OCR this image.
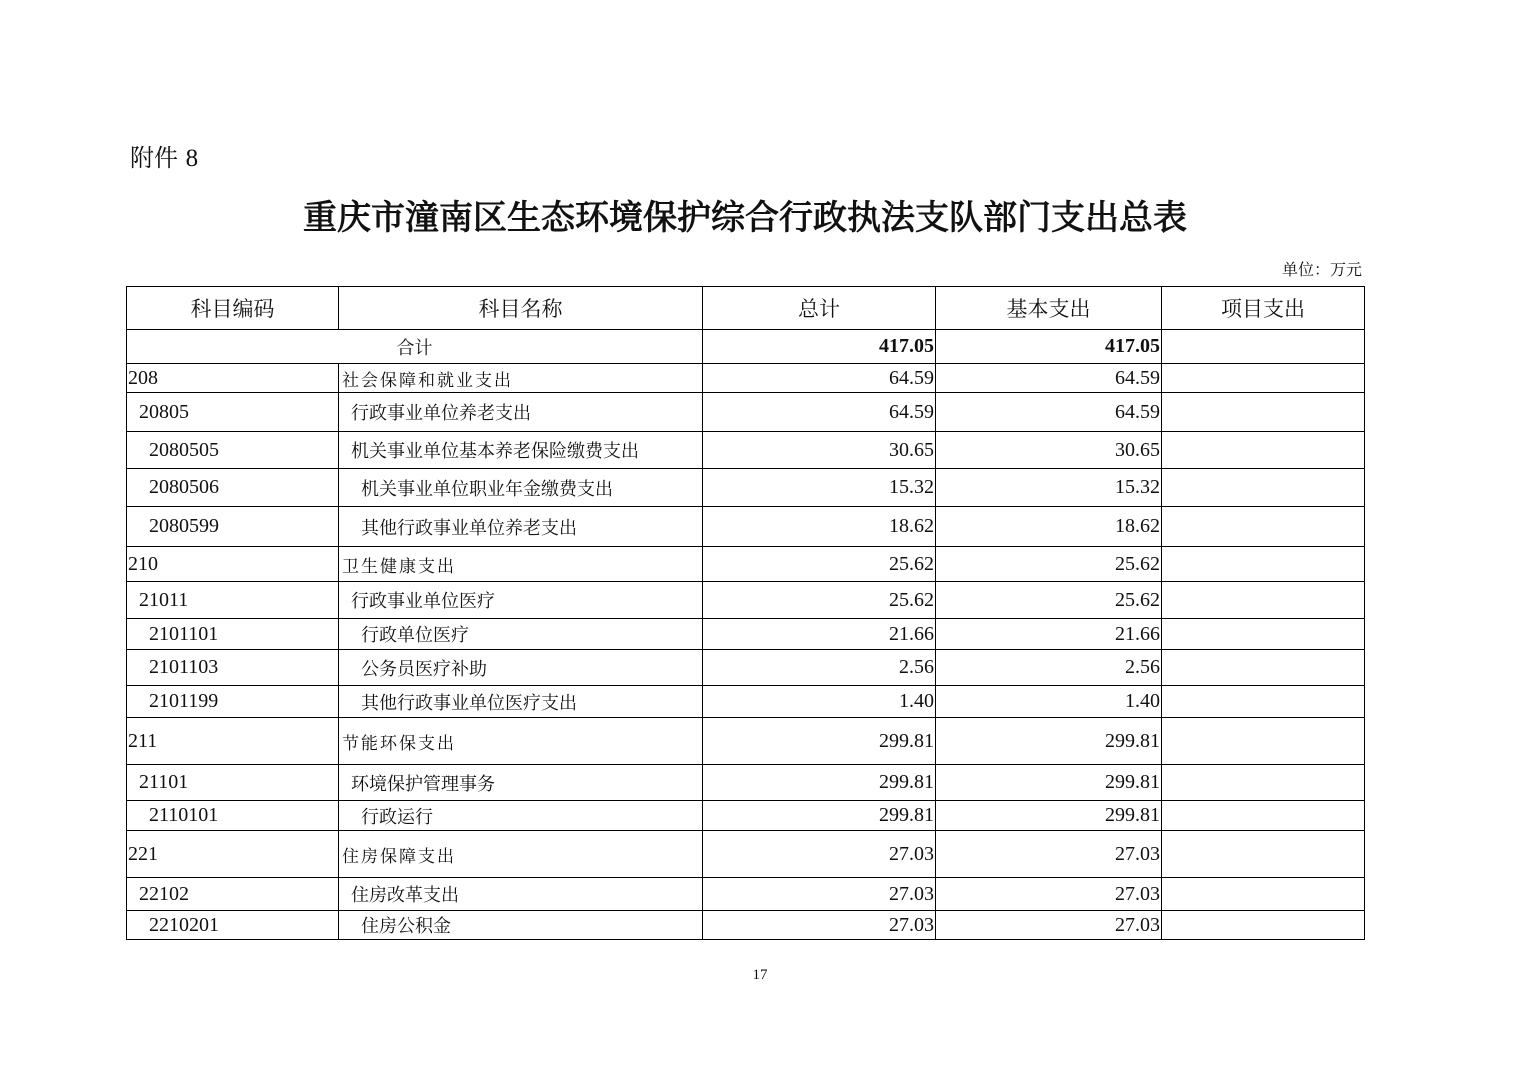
附件 8
重庆市潼南区生态环境保护综合行政执法支队部门支出总表
单位：万元
科目编码	科目名称	总计	基本支出	项目支出
合计		417.05	417.05	
208	社会保障和就业支出	64.59	64.59	
20805	行政事业单位养老支出	64.59	64.59	
2080505	机关事业单位基本养老保险缴费支出	30.65	30.65	
2080506	机关事业单位职业年金缴费支出	15.32	15.32	
2080599	其他行政事业单位养老支出	18.62	18.62	
210	卫生健康支出	25.62	25.62	
21011	行政事业单位医疗	25.62	25.62	
2101101	行政单位医疗	21.66	21.66	
2101103	公务员医疗补助	2.56	2.56	
2101199	其他行政事业单位医疗支出	1.40	1.40	
211	节能环保支出	299.81	299.81	
21101	环境保护管理事务	299.81	299.81	
2110101	行政运行	299.81	299.81	
221	住房保障支出	27.03	27.03	
22102	住房改革支出	27.03	27.03	
2210201	住房公积金	27.03	27.03	
17
